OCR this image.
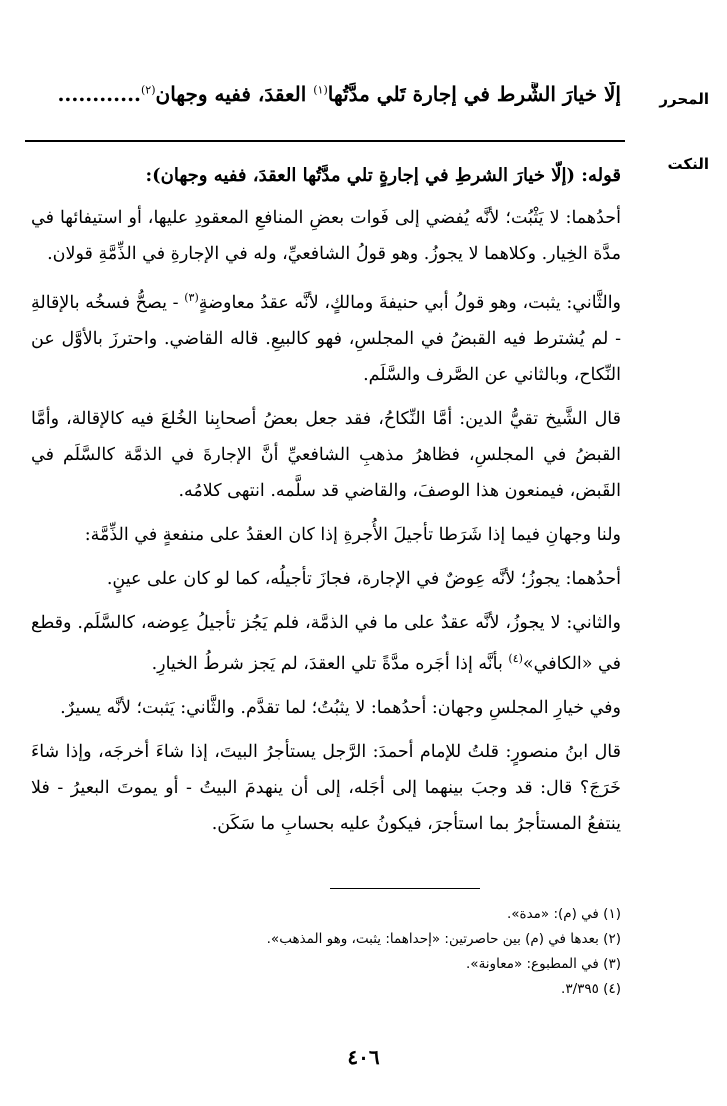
المحرر
النكت
إلّا خيارَ الشَّرط في إجارة تَلي مدَّتُها$^{(١)}$ العقدَ، ففيه وجهان$^{(٢)}$............

قوله: (إلّا خيارَ الشرطِ في إجارةٍ تلي مدَّتُها العقدَ، ففيه وجهان):

أحدُهما: لا يَثْبُت؛ لأنَّه يُفضي إلى فَوات بعضِ المنافعِ المعقودِ عليها، أو استيفائها في مدَّة الخِيار. وكلاهما لا يجوزُ. وهو قولُ الشافعيِّ، وله في الإجارةِ في الذِّمَّةِ قولان.

والثَّاني: يثبت، وهو قولُ أبي حنيفةَ ومالكٍ، لأنَّه عقدُ معاوضةٍ$^{(٣)}$ - يصحُّ فسخُه بالإقالةِ - لم يُشترط فيه القبضُ في المجلسِ، فهو كالبيعِ. قاله القاضي. واحترزَ بالأوَّل عن النِّكاح، وبالثاني عن الصَّرف والسَّلَم.

قال الشَّيخ تقيُّ الدين: أمَّا النِّكاحُ، فقد جعل بعضُ أصحابِنا الخُلعَ فيه كالإقالة، وأمَّا القبضُ في المجلسِ، فظاهرُ مذهبِ الشافعيِّ أنَّ الإجارةَ في الذمَّة كالسَّلَم في القَبض، فيمنعون هذا الوصفَ، والقاضي قد سلَّمه. انتهى كلامُه.

ولنا وجهانِ فيما إذا شَرَطا تأجيلَ الأُجرةِ إذا كان العقدُ على منفعةٍ في الذِّمَّة:

أحدُهما: يجوزُ؛ لأنَّه عِوضٌ في الإجارة، فجازَ تأجيلُه، كما لو كان على عينٍ.

والثاني: لا يجوزُ، لأنَّه عقدٌ على ما في الذمَّة، فلم يَجُز تأجيلُ عِوضه، كالسَّلَم. وقطع في «الكافي»$^{(٤)}$ بأنَّه إذا أجَره مدَّةً تلي العقدَ، لم يَجز شرطُ الخيارِ.

وفي خيارِ المجلسِ وجهان: أحدُهما: لا يثبُتُ؛ لما تقدَّم. والثَّاني: يَثبت؛ لأنَّه يسيرٌ.

قال ابنُ منصورٍ: قلتُ للإمام أحمدَ: الرَّجل يستأجرُ البيتَ، إذا شاءَ أخرجَه، وإذا شاءَ خَرَجَ؟ قال: قد وجبَ بينهما إلى أجَله، إلى أن ينهدمَ البيتُ - أو يموتَ البعيرُ - فلا ينتفعُ المستأجرُ بما استأجرَ، فيكونُ عليه بحسابِ ما سَكَن.

(١) في (م): «مدة».

(٢) بعدها في (م) بين حاصرتين: «إحداهما: يثبت، وهو المذهب».

(٣) في المطبوع: «معاونة».

(٤) ٣/٣٩٥.

٤٠٦
